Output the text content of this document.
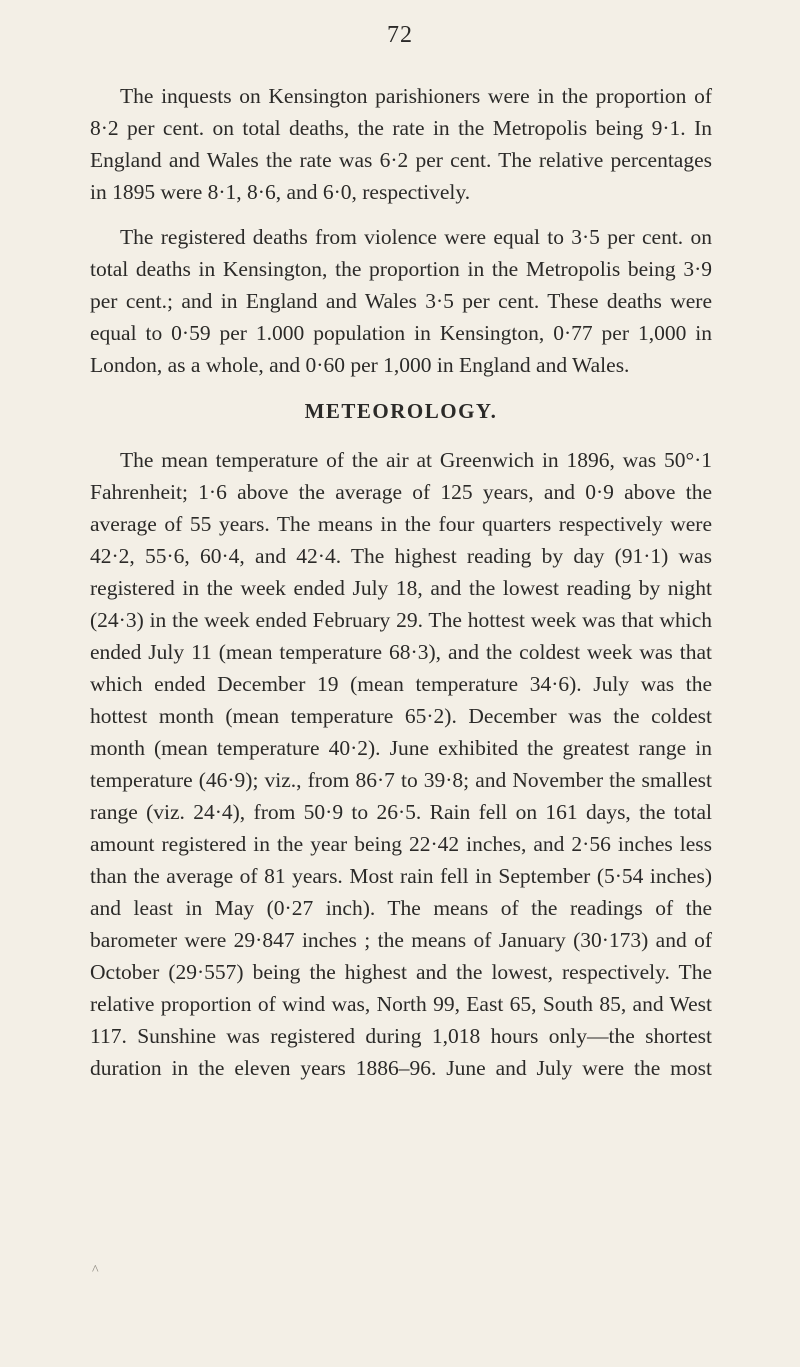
72

The inquests on Kensington parishioners were in the proportion of 8·2 per cent. on total deaths, the rate in the Metropolis being 9·1. In England and Wales the rate was 6·2 per cent. The relative percentages in 1895 were 8·1, 8·6, and 6·0, respectively.

The registered deaths from violence were equal to 3·5 per cent. on total deaths in Kensington, the proportion in the Metropolis being 3·9 per cent.; and in England and Wales 3·5 per cent. These deaths were equal to 0·59 per 1.000 population in Kensington, 0·77 per 1,000 in London, as a whole, and 0·60 per 1,000 in England and Wales.

METEOROLOGY.

The mean temperature of the air at Greenwich in 1896, was 50°·1 Fahrenheit; 1·6 above the average of 125 years, and 0·9 above the average of 55 years. The means in the four quarters respectively were 42·2, 55·6, 60·4, and 42·4. The highest reading by day (91·1) was registered in the week ended July 18, and the lowest reading by night (24·3) in the week ended February 29. The hottest week was that which ended July 11 (mean temperature 68·3), and the coldest week was that which ended December 19 (mean temperature 34·6). July was the hottest month (mean temperature 65·2). December was the coldest month (mean temperature 40·2). June exhibited the greatest range in temperature (46·9); viz., from 86·7 to 39·8; and November the smallest range (viz. 24·4), from 50·9 to 26·5. Rain fell on 161 days, the total amount registered in the year being 22·42 inches, and 2·56 inches less than the average of 81 years. Most rain fell in September (5·54 inches) and least in May (0·27 inch). The means of the readings of the barometer were 29·847 inches ; the means of January (30·173) and of October (29·557) being the highest and the lowest, respectively. The relative proportion of wind was, North 99, East 65, South 85, and West 117. Sunshine was registered during 1,018 hours only—the shortest duration in the eleven years 1886–96. June and July were the most

^
